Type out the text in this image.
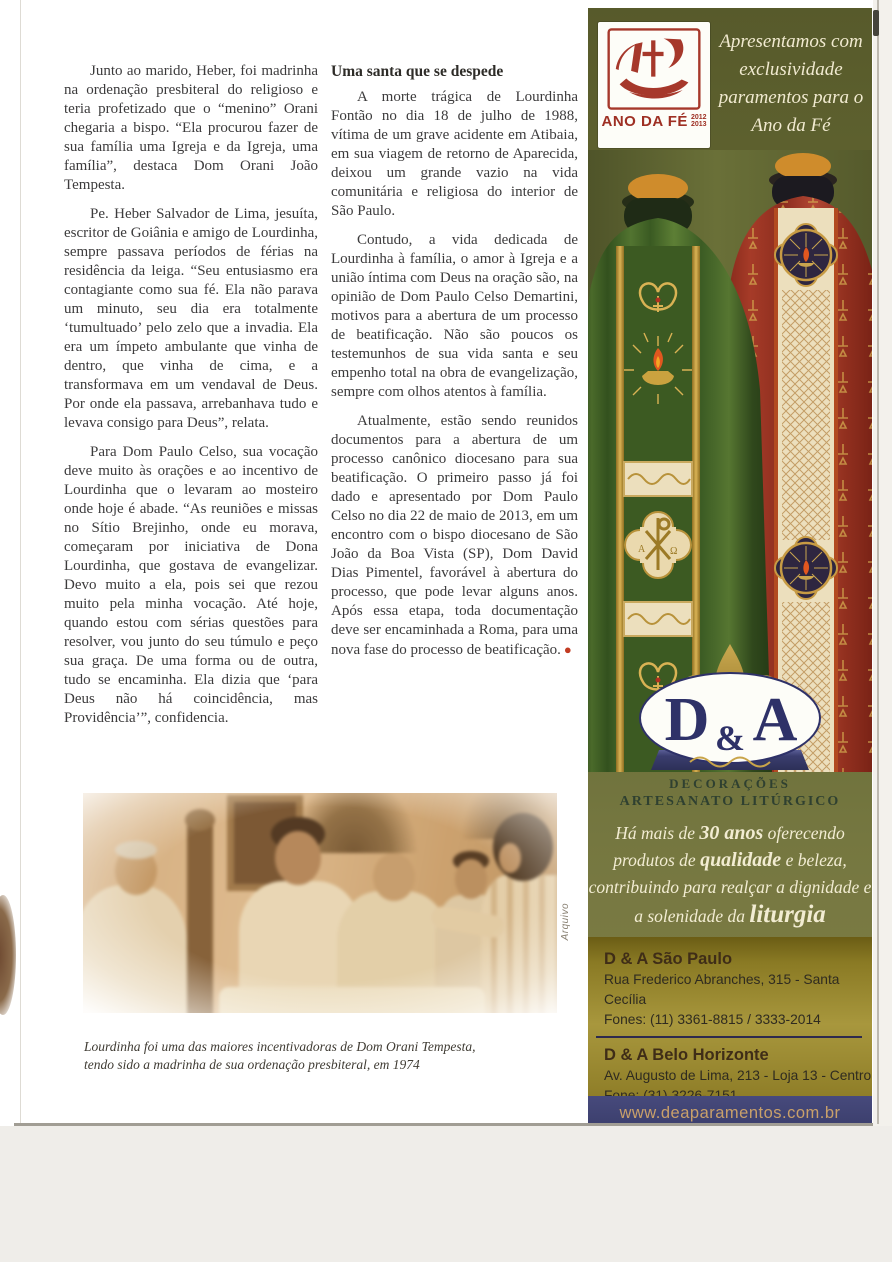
Junto ao marido, Heber, foi madrinha na ordenação presbiteral do religioso e teria profetizado que o “menino” Orani chegaria a bispo. “Ela procurou fazer de sua família uma Igreja e da Igreja, uma família”, destaca Dom Orani João Tempesta.

Pe. Heber Salvador de Lima, jesuíta, escritor de Goiânia e amigo de Lourdinha, sempre passava períodos de férias na residência da leiga. “Seu entusiasmo era contagiante como sua fé. Ela não parava um minuto, seu dia era totalmente ‘tumultuado’ pelo zelo que a invadia. Ela era um ímpeto ambulante que vinha de dentro, que vinha de cima, e a transformava em um vendaval de Deus. Por onde ela passava, arrebanhava tudo e levava consigo para Deus”, relata.

Para Dom Paulo Celso, sua vocação deve muito às orações e ao incentivo de Lourdinha que o levaram ao mosteiro onde hoje é abade. “As reuniões e missas no Sítio Brejinho, onde eu morava, começaram por iniciativa de Dona Lourdinha, que gostava de evangelizar. Devo muito a ela, pois sei que rezou muito pela minha vocação. Até hoje, quando estou com sérias questões para resolver, vou junto do seu túmulo e peço sua graça. De uma forma ou de outra, tudo se encaminha. Ela dizia que ‘para Deus não há coincidência, mas Providência’”, confidencia.

Uma santa que se despede

A morte trágica de Lourdinha Fontão no dia 18 de julho de 1988, vítima de um grave acidente em Atibaia, em sua viagem de retorno de Aparecida, deixou um grande vazio na vida comunitária e religiosa do interior de São Paulo.

Contudo, a vida dedicada de Lourdinha à família, o amor à Igreja e a união íntima com Deus na oração são, na opinião de Dom Paulo Celso Demartini, motivos para a abertura de um processo de beatificação. Não são poucos os testemunhos de sua vida santa e seu empenho total na obra de evangelização, sempre com olhos atentos à família.

Atualmente, estão sendo reunidos documentos para a abertura de um processo canônico diocesano para sua beatificação. O primeiro passo já foi dado e apresentado por Dom Paulo Celso no dia 22 de maio de 2013, em um encontro com o bispo diocesano de São João da Boa Vista (SP), Dom David Dias Pimentel, favorável à abertura do processo, que pode levar alguns anos. Após essa etapa, toda documentação deve ser encaminhada a Roma, para uma nova fase do processo de beatificação. ●

Arquivo
Lourdinha foi uma das maiores incentivadoras de Dom Orani Tempesta,
tendo sido a madrinha de sua ordenação presbiteral, em 1974
ANO DA FÉ 2012
2013
Apresentamos com
exclusividade
paramentos para o
Ano da Fé
A Ω
D & A
DECORAÇÕES
ARTESANATO LITÚRGICO
Há mais de 30 anos oferecendo
produtos de qualidade e beleza,
contribuindo para realçar a dignidade e
a solenidade da liturgia
D & A São Paulo
Rua Frederico Abranches, 315 - Santa Cecília
Fones: (11) 3361-8815 / 3333-2014
D & A Belo Horizonte
Av. Augusto de Lima, 213 - Loja 13 - Centro
www.deaparamentos.com.br
